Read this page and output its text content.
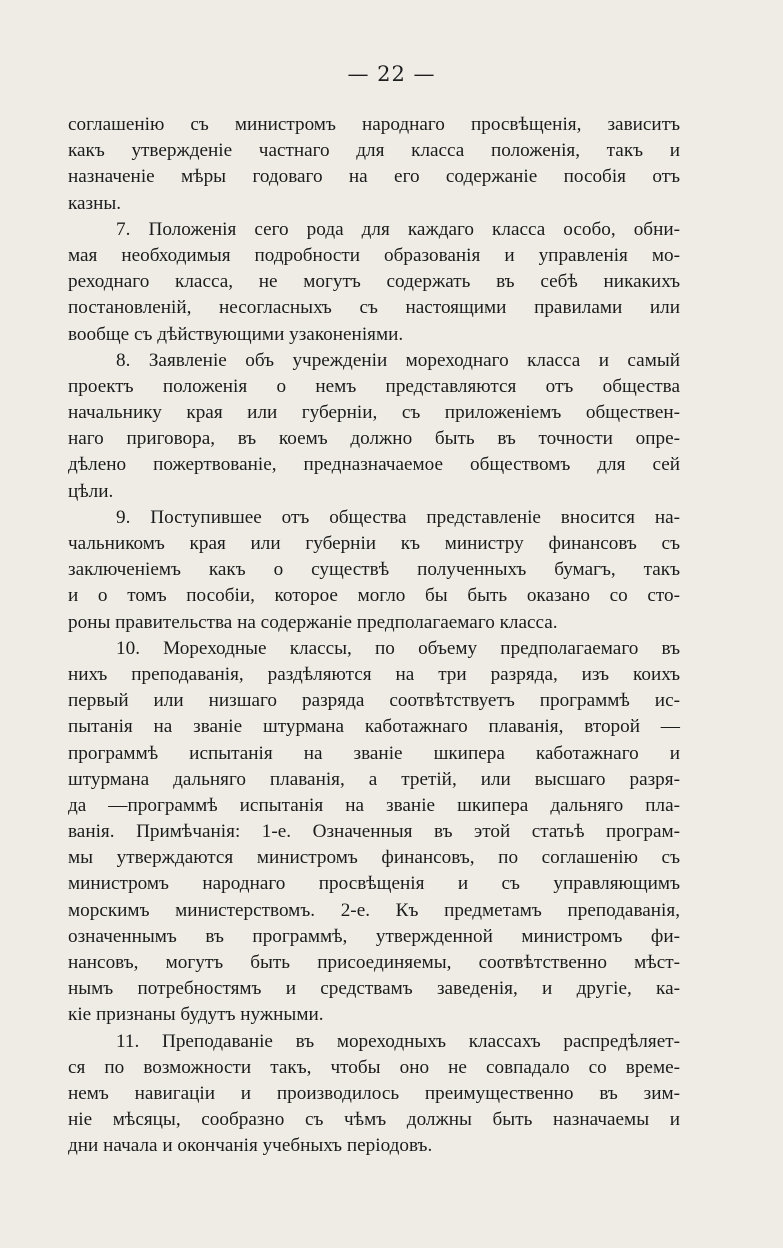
— 22 —
соглашенію съ министромъ народнаго просвѣщенія, зависитъ
какъ утвержденіе частнаго для класса положенія, такъ и
назначеніе мѣры годоваго на его содержаніе пособія отъ
казны.
7. Положенія сего рода для каждаго класса особо, обни-
мая необходимыя подробности образованія и управленія мо-
реходнаго класса, не могутъ содержать въ себѣ никакихъ
постановленій, несогласныхъ съ настоящими правилами или
вообще съ дѣйствующими узаконеніями.
8. Заявленіе объ учрежденіи мореходнаго класса и самый
проектъ положенія о немъ представляются отъ общества
начальнику края или губерніи, съ приложеніемъ обществен-
наго приговора, въ коемъ должно быть въ точности опре-
дѣлено пожертвованіе, предназначаемое обществомъ для сей
цѣли.
9. Поступившее отъ общества представленіе вносится на-
чальникомъ края или губерніи къ министру финансовъ съ
заключеніемъ какъ о существѣ полученныхъ бумагъ, такъ
и о томъ пособіи, которое могло бы быть оказано со сто-
роны правительства на содержаніе предполагаемаго класса.
10. Мореходные классы, по объему предполагаемаго въ
нихъ преподаванія, раздѣляются на три разряда, изъ коихъ
первый или низшаго разряда соотвѣтствуетъ программѣ ис-
пытанія на званіе штурмана каботажнаго плаванія, второй —
программѣ испытанія на званіе шкипера каботажнаго и
штурмана дальняго плаванія, а третій, или высшаго разря-
да —программѣ испытанія на званіе шкипера дальняго пла-
ванія. Примѣчанія: 1-е. Означенныя въ этой статьѣ програм-
мы утверждаются министромъ финансовъ, по соглашенію съ
министромъ народнаго просвѣщенія и съ управляющимъ
морскимъ министерствомъ. 2-е. Къ предметамъ преподаванія,
означеннымъ въ программѣ, утвержденной министромъ фи-
нансовъ, могутъ быть присоединяемы, соотвѣтственно мѣст-
нымъ потребностямъ и средствамъ заведенія, и другіе, ка-
кіе признаны будутъ нужными.
11. Преподаваніе въ мореходныхъ классахъ распредѣляет-
ся по возможности такъ, чтобы оно не совпадало со време-
немъ навигаціи и производилось преимущественно въ зим-
ніе мѣсяцы, сообразно съ чѣмъ должны быть назначаемы и
дни начала и окончанія учебныхъ періодовъ.
